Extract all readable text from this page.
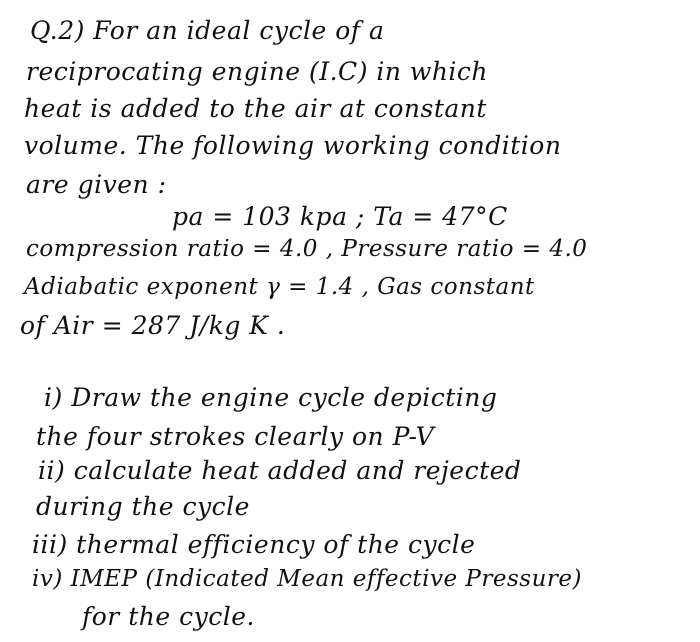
Q.2) For an ideal cycle of a
reciprocating engine (I.C) in which
heat is added to the air at constant
volume. The following working condition
are given :
pa = 103 kpa ; Ta = 47°C
compression ratio = 4.0 , Pressure ratio = 4.0
Adiabatic exponent γ = 1.4 , Gas constant
of Air = 287 J/kg K .
i) Draw the engine cycle depicting
the four strokes clearly on P-V
ii) calculate heat added and rejected
during the cycle
iii) thermal efficiency of the cycle
iv) IMEP (Indicated Mean effective Pressure)
for the cycle.
